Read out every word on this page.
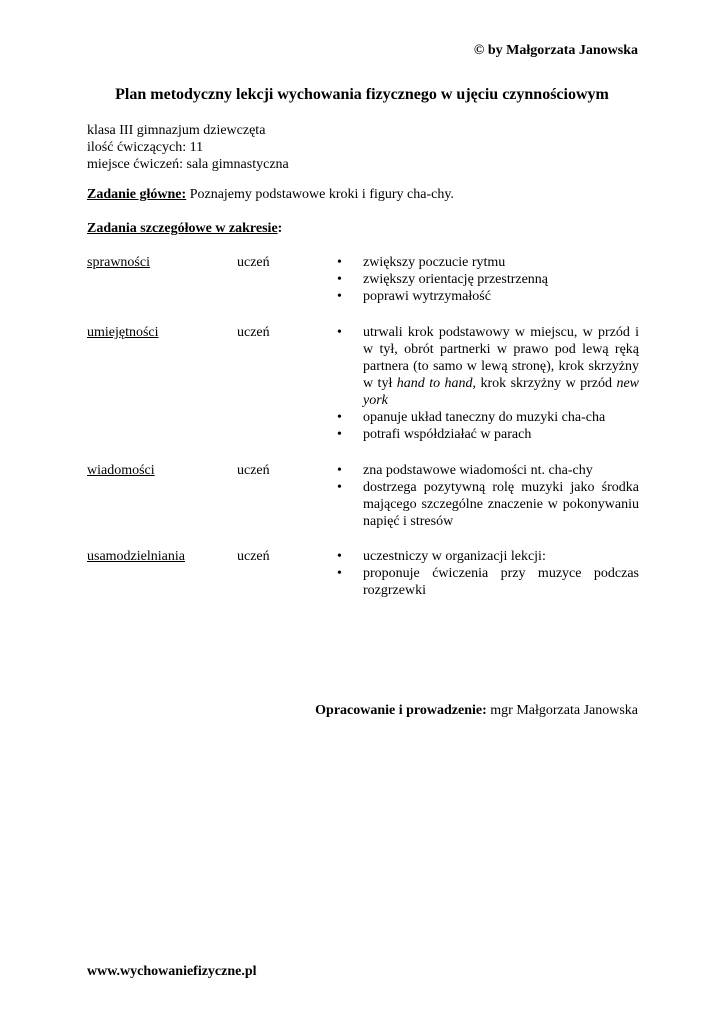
© by Małgorzata Janowska
Plan metodyczny lekcji wychowania fizycznego w ujęciu czynnościowym
klasa III gimnazjum dziewczęta
ilość ćwiczących: 11
miejsce ćwiczeń: sala gimnastyczna
Zadanie główne: Poznajemy podstawowe kroki i figury cha-chy.
Zadania szczegółowe w zakresie:
sprawności	uczeń	• zwiększy poczucie rytmu
• zwiększy orientację przestrzenną
• poprawi wytrzymałość
umiejętności	uczeń	• utrwali krok podstawowy w miejscu, w przód i w tył, obrót partnerki w prawo pod lewą ręką partnera (to samo w lewą stronę), krok skrzyżny w tył hand to hand, krok skrzyżny w przód new york
• opanuje układ taneczny do muzyki cha-cha
• potrafi współdziałać w parach
wiadomości	uczeń	• zna podstawowe wiadomości nt. cha-chy
• dostrzega pozytywną rolę muzyki jako środka mającego szczególne znaczenie w pokonywaniu napięć i stresów
usamodzielniania	uczeń	• uczestniczy w organizacji lekcji:
• proponuje ćwiczenia przy muzyce podczas rozgrzewki
Opracowanie i prowadzenie: mgr Małgorzata Janowska
www.wychowaniefizyczne.pl
